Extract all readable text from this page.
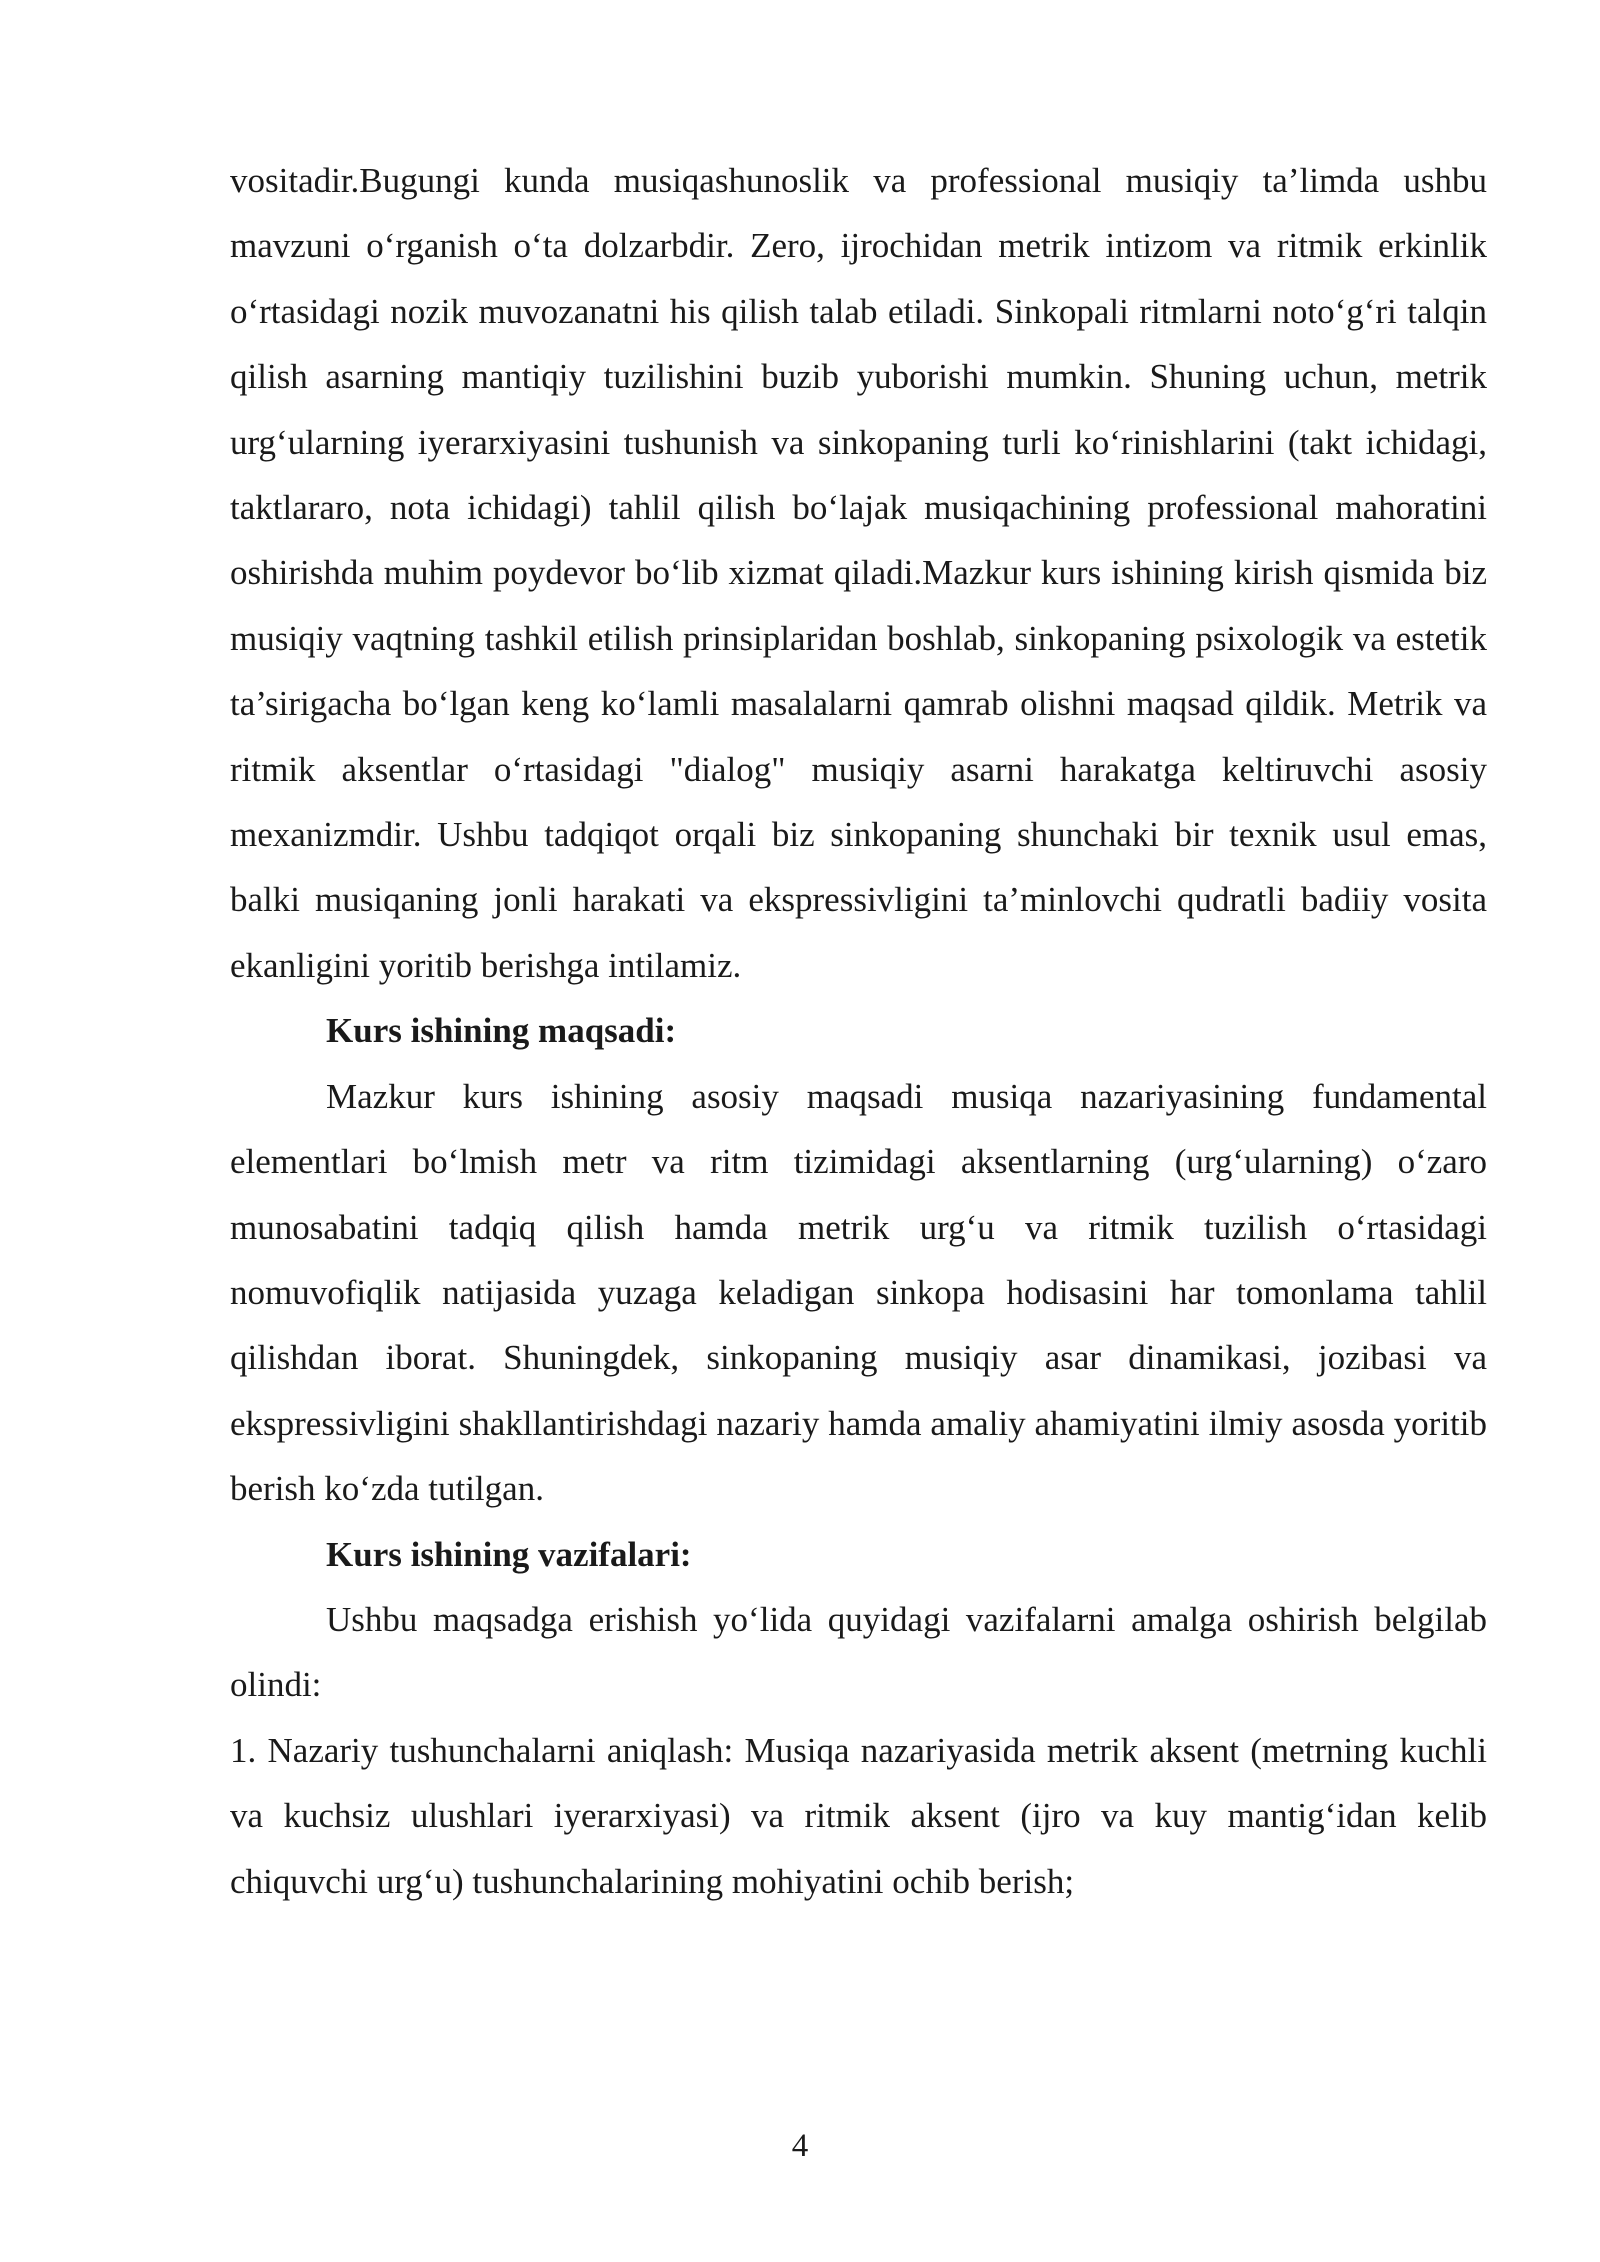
vositadir.Bugungi kunda musiqashunoslik va professional musiqiy ta’limda ushbu mavzuni o‘rganish o‘ta dolzarbdir. Zero, ijrochidan metrik intizom va ritmik erkinlik o‘rtasidagi nozik muvozanatni his qilish talab etiladi. Sinkopali ritmlarni noto‘g‘ri talqin qilish asarning mantiqiy tuzilishini buzib yuborishi mumkin. Shuning uchun, metrik urg‘ularning iyerarxiyasini tushunish va sinkopaning turli ko‘rinishlarini (takt ichidagi, taktlararo, nota ichidagi) tahlil qilish bo‘lajak musiqachining professional mahoratini oshirishda muhim poydevor bo‘lib xizmat qiladi.Mazkur kurs ishining kirish qismida biz musiqiy vaqtning tashkil etilish prinsiplaridan boshlab, sinkopaning psixologik va estetik ta’sirigacha bo‘lgan keng ko‘lamli masalalarni qamrab olishni maqsad qildik. Metrik va ritmik aksentlar o‘rtasidagi "dialog" musiqiy asarni harakatga keltiruvchi asosiy mexanizmdir. Ushbu tadqiqot orqali biz sinkopaning shunchaki bir texnik usul emas, balki musiqaning jonli harakati va ekspressivligini ta’minlovchi qudratli badiiy vosita ekanligini yoritib berishga intilamiz.

Kurs ishining maqsadi:

Mazkur kurs ishining asosiy maqsadi musiqa nazariyasining fundamental elementlari bo‘lmish metr va ritm tizimidagi aksentlarning (urg‘ularning) o‘zaro munosabatini tadqiq qilish hamda metrik urg‘u va ritmik tuzilish o‘rtasidagi nomuvofiqlik natijasida yuzaga keladigan sinkopa hodisasini har tomonlama tahlil qilishdan iborat. Shuningdek, sinkopaning musiqiy asar dinamikasi, jozibasi va ekspressivligini shakllantirishdagi nazariy hamda amaliy ahamiyatini ilmiy asosda yoritib berish ko‘zda tutilgan.

Kurs ishining vazifalari:

Ushbu maqsadga erishish yo‘lida quyidagi vazifalarni amalga oshirish belgilab olindi:

1. Nazariy tushunchalarni aniqlash: Musiqa nazariyasida metrik aksent (metrning kuchli va kuchsiz ulushlari iyerarxiyasi) va ritmik aksent (ijro va kuy mantig‘idan kelib chiquvchi urg‘u) tushunchalarining mohiyatini ochib berish;

4
